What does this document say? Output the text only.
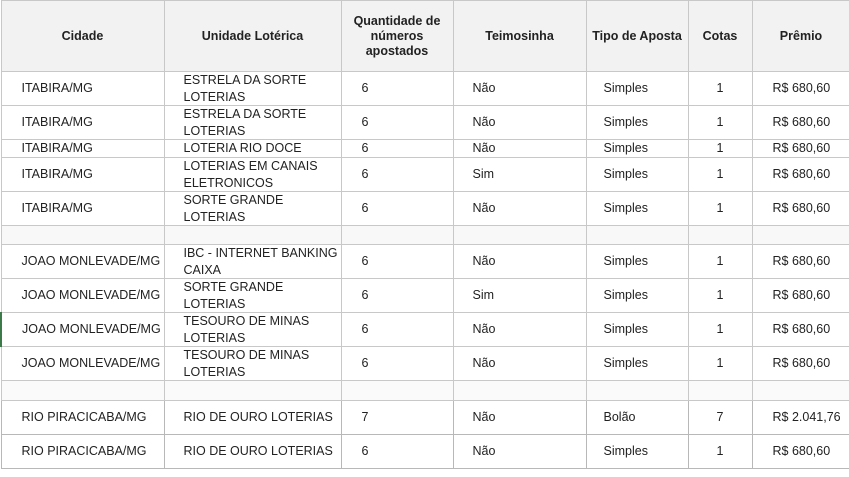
Cidade	Unidade Lotérica	Quantidade de números apostados	Teimosinha	Tipo de Aposta	Cotas	Prêmio
ITABIRA/MG	ESTRELA DA SORTE LOTERIAS	6	Não	Simples	1	R$ 680,60
ITABIRA/MG	ESTRELA DA SORTE LOTERIAS	6	Não	Simples	1	R$ 680,60
ITABIRA/MG	LOTERIA RIO DOCE	6	Não	Simples	1	R$ 680,60
ITABIRA/MG	LOTERIAS EM CANAIS ELETRONICOS	6	Sim	Simples	1	R$ 680,60
ITABIRA/MG	SORTE GRANDE LOTERIAS	6	Não	Simples	1	R$ 680,60

JOAO MONLEVADE/MG	IBC - INTERNET BANKING CAIXA	6	Não	Simples	1	R$ 680,60
JOAO MONLEVADE/MG	SORTE GRANDE LOTERIAS	6	Sim	Simples	1	R$ 680,60
JOAO MONLEVADE/MG	TESOURO DE MINAS LOTERIAS	6	Não	Simples	1	R$ 680,60
JOAO MONLEVADE/MG	TESOURO DE MINAS LOTERIAS	6	Não	Simples	1	R$ 680,60

RIO PIRACICABA/MG	RIO DE OURO LOTERIAS	7	Não	Bolão	7	R$ 2.041,76
RIO PIRACICABA/MG	RIO DE OURO LOTERIAS	6	Não	Simples	1	R$ 680,60
